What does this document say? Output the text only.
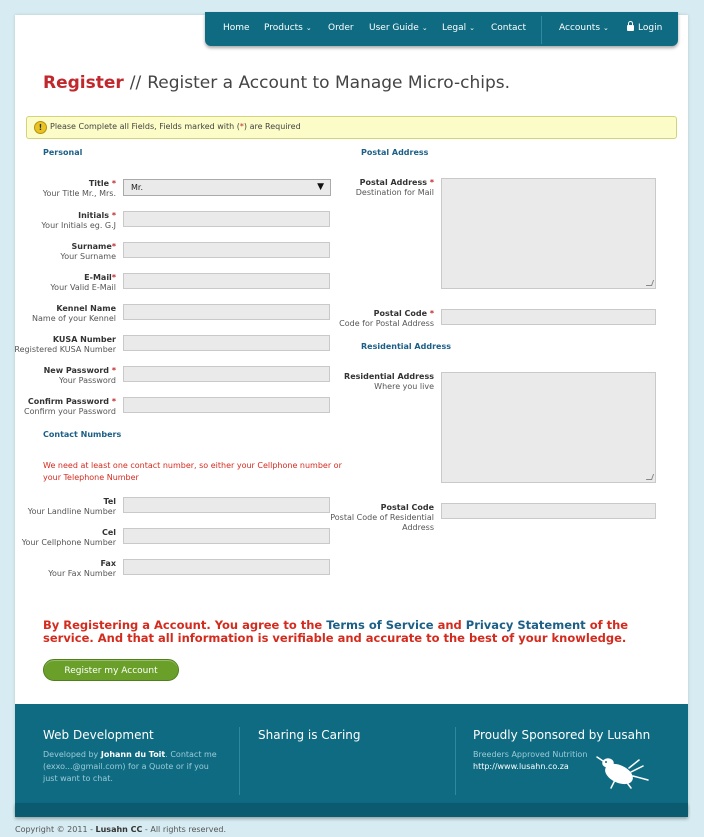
Home Products ⌄ Order User Guide ⌄ Legal ⌄ Contact	Accounts ⌄	Login
Register // Register a Account to Manage Micro-chips.
! Please Complete all Fields, Fields marked with (*) are Required
Personal
Title *
Your Title Mr., Mrs.
Mr.	▼
Initials *
Your Initials eg. G.J
Surname*
Your Surname
E-Mail*
Your Valid E-Mail
Kennel Name
Name of your Kennel
KUSA Number
Registered KUSA Number
New Password *
Your Password
Confirm Password *
Confirm your Password
Contact Numbers
We need at least one contact number, so either your Cellphone number or your Telephone Number
Tel
Your Landline Number
Cel
Your Cellphone Number
Fax
Your Fax Number
Postal Address
Postal Address *
Destination for Mail
Postal Code *
Code for Postal Address
Residential Address
Residential Address
Where you live
Postal Code
Postal Code of Residential Address
By Registering a Account. You agree to the Terms of Service and Privacy Statement of the service. And that all information is verifiable and accurate to the best of your knowledge.
Register my Account
Web Development
Developed by Johann du Toit. Contact me (exxo...@gmail.com) for a Quote or if you just want to chat.
Sharing is Caring	Proudly Sponsored by Lusahn
Breeders Approved Nutrition
http://www.lusahn.co.za
Copyright © 2011 - Lusahn CC - All rights reserved.
